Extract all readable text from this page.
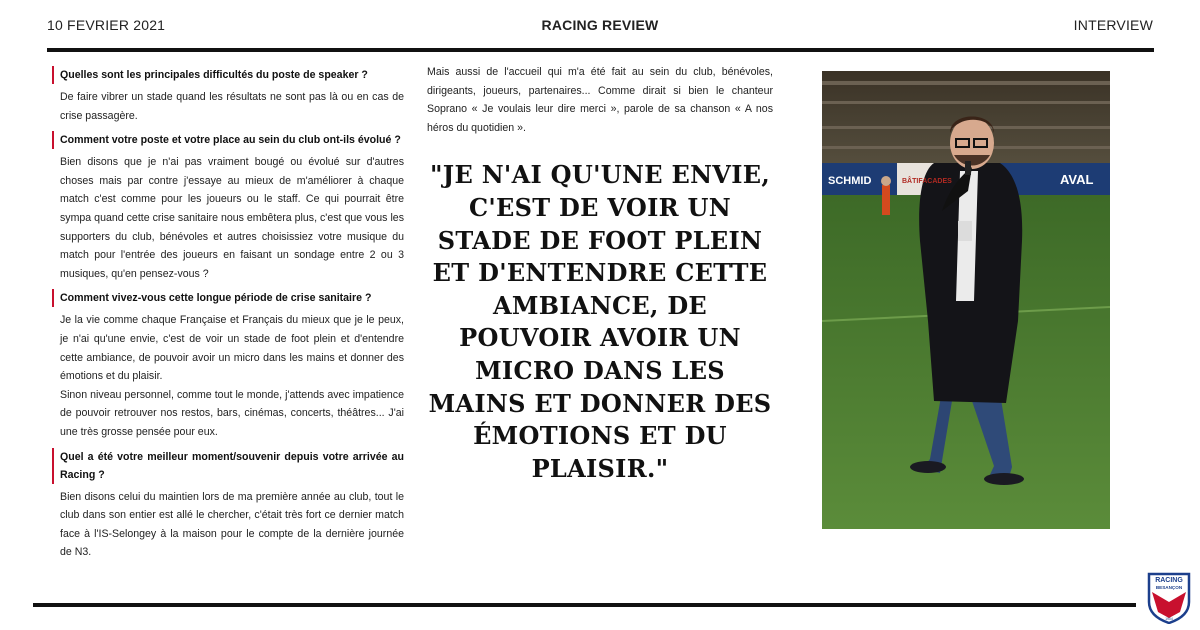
10 FEVRIER 2021	RACING REVIEW	INTERVIEW
Quelles sont les principales difficultés du poste de speaker ?

De faire vibrer un stade quand les résultats ne sont pas là ou en cas de crise passagère.

Comment votre poste et votre place au sein du club ont-ils évolué ?

Bien disons que je n'ai pas vraiment bougé ou évolué sur d'autres choses mais par contre j'essaye au mieux de m'améliorer à chaque match c'est comme pour les joueurs ou le staff. Ce qui pourrait être sympa quand cette crise sanitaire nous embêtera plus, c'est que vous les supporters du club, bénévoles et autres choisissiez votre musique du match pour l'entrée des joueurs en faisant un sondage entre 2 ou 3 musiques, qu'en pensez-vous ?

Comment vivez-vous cette longue période de crise sanitaire ?

Je la vie comme chaque Française et Français du mieux que je le peux, je n'ai qu'une envie, c'est de voir un stade de foot plein et d'entendre cette ambiance, de pouvoir avoir un micro dans les mains et donner des émotions et du plaisir.

Sinon niveau personnel, comme tout le monde, j'attends avec impatience de pouvoir retrouver nos restos, bars, cinémas, concerts, théâtres... J'ai une très grosse pensée pour eux.

Quel a été votre meilleur moment/souvenir depuis votre arrivée au Racing ?

Bien disons celui du maintien lors de ma première année au club, tout le club dans son entier est allé le chercher, c'était très fort ce dernier match face à l'IS-Selongey à la maison pour le compte de la dernière journée de N3.

Mais aussi de l'accueil qui m'a été fait au sein du club, bénévoles, dirigeants, joueurs, partenaires... Comme dirait si bien le chanteur Soprano « Je voulais leur dire merci », parole de sa chanson « A nos héros du quotidien ».

"JE N'AI QU'UNE ENVIE, C'EST DE VOIR UN STADE DE FOOT PLEIN ET D'ENTENDRE CETTE AMBIANCE, DE POUVOIR AVOIR UN MICRO DANS LES MAINS ET DONNER DES ÉMOTIONS ET DU PLAISIR."
SCHMID	BÂTIFACADES	AVAL
RACING
BESANÇON
1904
